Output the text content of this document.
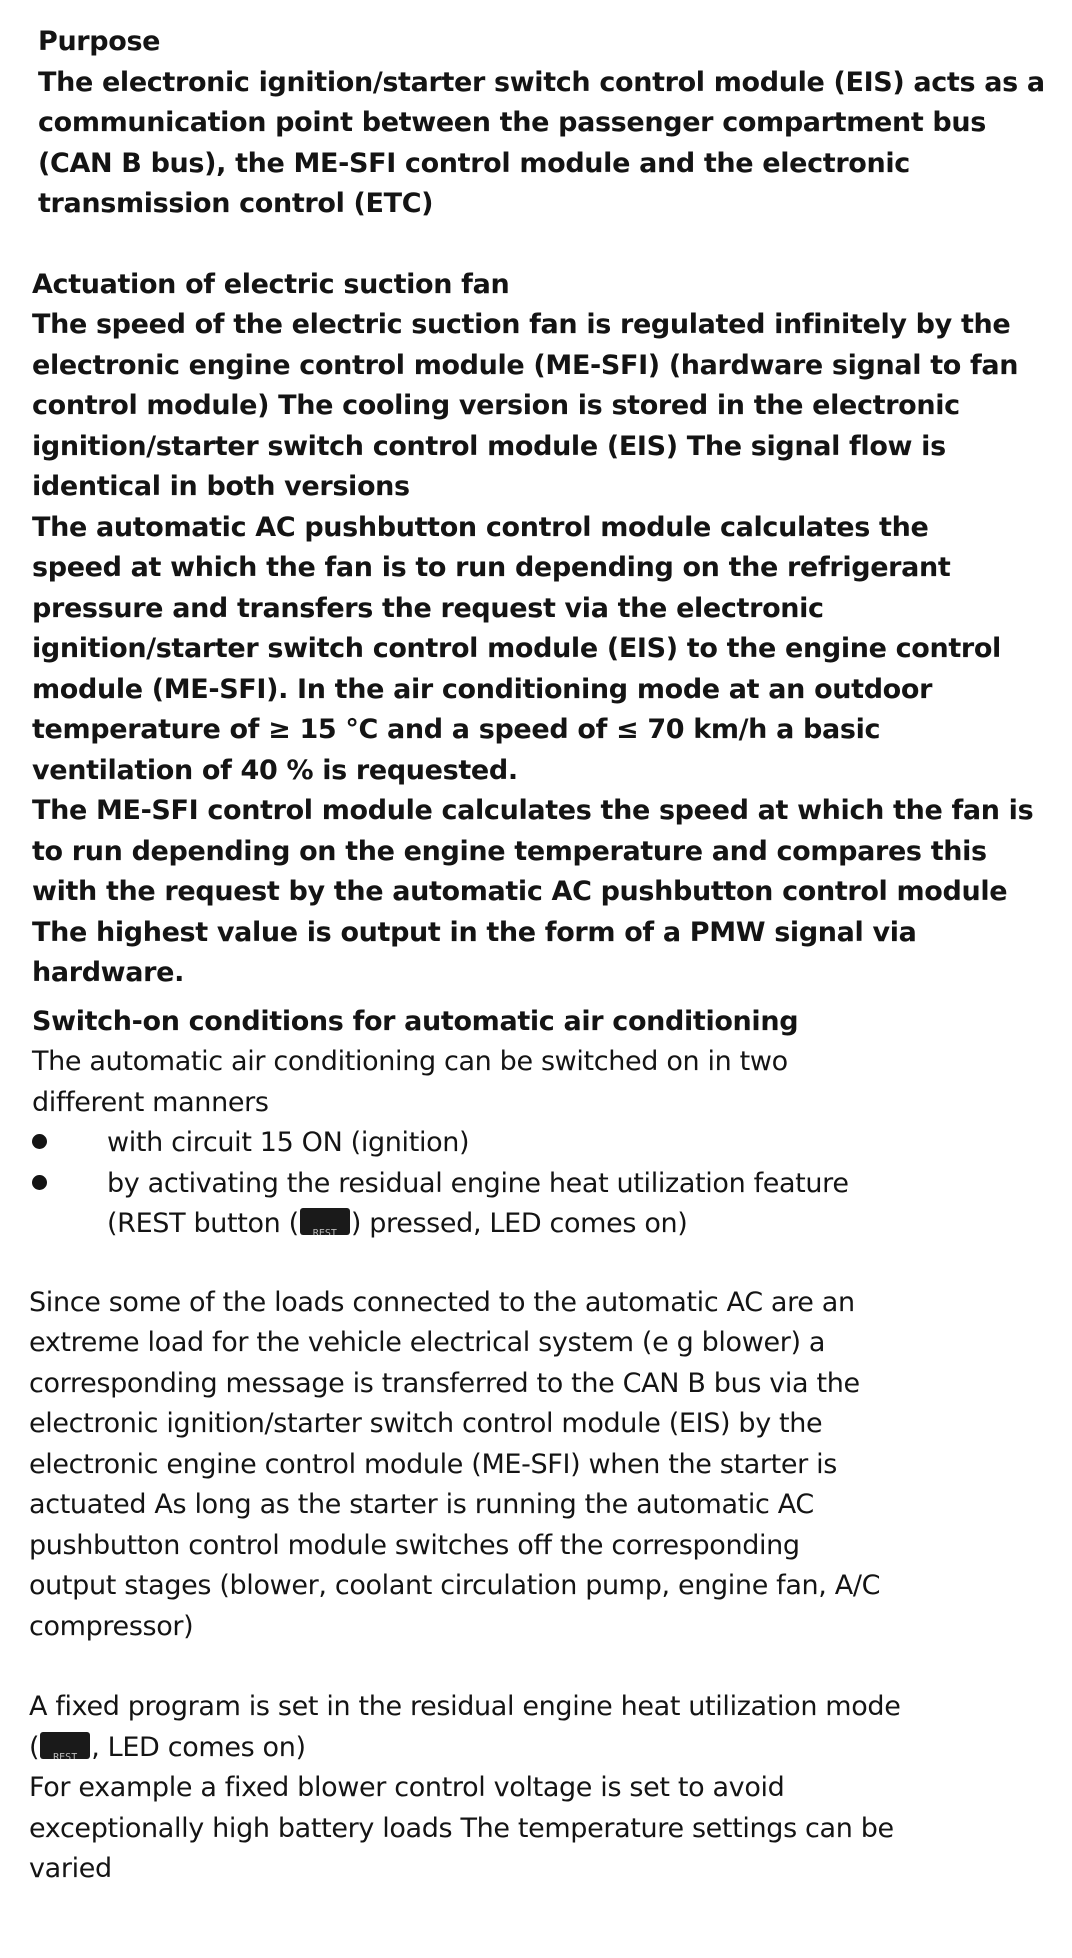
Purpose
The electronic ignition/starter switch control module (EIS) acts as a
communication point between the passenger compartment bus
(CAN B bus), the ME-SFI control module and the electronic
transmission control (ETC)
Actuation of electric suction fan
The speed of the electric suction fan is regulated infinitely by the
electronic engine control module (ME-SFI) (hardware signal to fan
control module) The cooling version is stored in the electronic
ignition/starter switch control module (EIS) The signal flow is
identical in both versions
The automatic AC pushbutton control module calculates the
speed at which the fan is to run depending on the refrigerant
pressure and transfers the request via the electronic
ignition/starter switch control module (EIS) to the engine control
module (ME-SFI). In the air conditioning mode at an outdoor
temperature of ≥ 15 °C and a speed of ≤ 70 km/h a basic
ventilation of 40 % is requested.
The ME-SFI control module calculates the speed at which the fan is
to run depending on the engine temperature and compares this
with the request by the automatic AC pushbutton control module
The highest value is output in the form of a PMW signal via
hardware.
Switch-on conditions for automatic air conditioning
The automatic air conditioning can be switched on in two
different manners
with circuit 15 ON (ignition)
by activating the residual engine heat utilization feature
(REST button ( REST ) pressed, LED comes on)
Since some of the loads connected to the automatic AC are an
extreme load for the vehicle electrical system (e g blower) a
corresponding message is transferred to the CAN B bus via the
electronic ignition/starter switch control module (EIS) by the
electronic engine control module (ME-SFI) when the starter is
actuated As long as the starter is running the automatic AC
pushbutton control module switches off the corresponding
output stages (blower, coolant circulation pump, engine fan, A/C
compressor)
A fixed program is set in the residual engine heat utilization mode
( REST , LED comes on)
For example a fixed blower control voltage is set to avoid
exceptionally high battery loads The temperature settings can be
varied
